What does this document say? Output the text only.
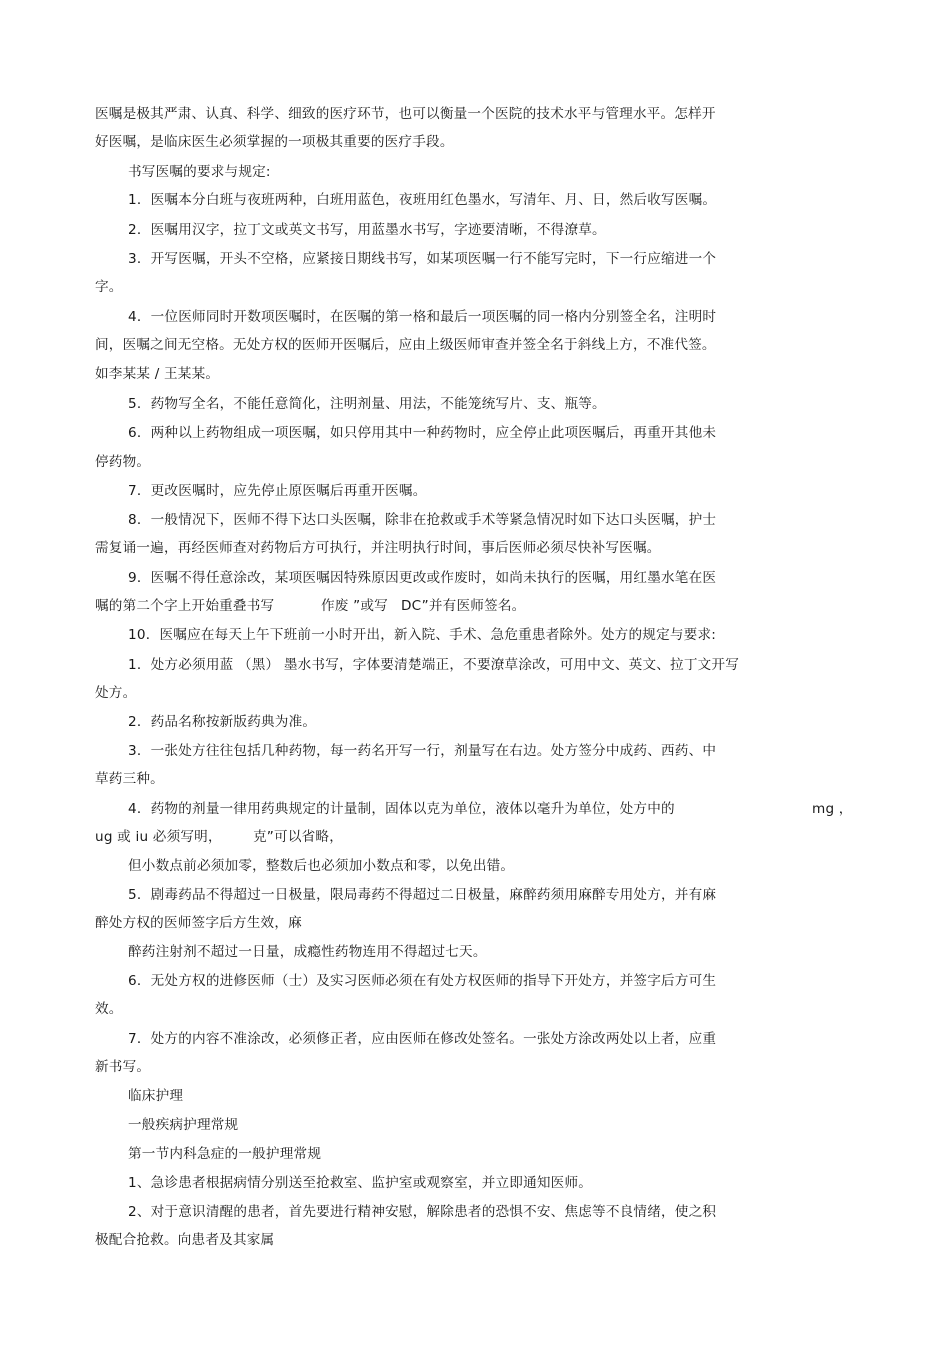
医嘱是极其严肃、认真、科学、细致的医疗环节，也可以衡量一个医院的技术水平与管理水平。怎样开
好医嘱，是临床医生必须掌握的一项极其重要的医疗手段。
书写医嘱的要求与规定:
1．医嘱本分白班与夜班两种，白班用蓝色，夜班用红色墨水，写清年、月、日，然后收写医嘱。
2．医嘱用汉字，拉丁文或英文书写，用蓝墨水书写，字迹要清晰，不得潦草。
3．开写医嘱，开头不空格，应紧接日期线书写，如某项医嘱一行不能写完时，下一行应缩进一个
字。
4．一位医师同时开数项医嘱时，在医嘱的第一格和最后一项医嘱的同一格内分别签全名，注明时
间，医嘱之间无空格。无处方权的医师开医嘱后，应由上级医师审查并签全名于斜线上方，不准代签。
如李某某 / 王某某。
5．药物写全名，不能任意简化，注明剂量、用法，不能笼统写片、支、瓶等。
6．两种以上药物组成一项医嘱，如只停用其中一种药物时，应全停止此项医嘱后，再重开其他未
停药物。
7．更改医嘱时，应先停止原医嘱后再重开医嘱。
8．一般情况下，医师不得下达口头医嘱，除非在抢救或手术等紧急情况时如下达口头医嘱，护士
需复诵一遍，再经医师查对药物后方可执行，并注明执行时间，事后医师必须尽快补写医嘱。
9．医嘱不得任意涂改，某项医嘱因特殊原因更改或作废时，如尚未执行的医嘱，用红墨水笔在医
嘱的第二个字上开始重叠书写	作废 ”或写 DC”并有医师签名。
10．医嘱应在每天上午下班前一小时开出，新入院、手术、急危重患者除外。处方的规定与要求:
1．处方必须用蓝 （黑） 墨水书写，字体要清楚端正，不要潦草涂改，可用中文、英文、拉丁文开写
处方。
2．药品名称按新版药典为准。
3．一张处方往往包括几种药物，每一药名开写一行，剂量写在右边。处方签分中成药、西药、中
草药三种。
4．药物的剂量一律用药典规定的计量制，固体以克为单位，液体以毫升为单位，处方中的	mg ，
ug 或 iu 必须写明， 克”可以省略，
但小数点前必须加零，整数后也必须加小数点和零，以免出错。
5．剧毒药品不得超过一日极量，限局毒药不得超过二日极量，麻醉药须用麻醉专用处方，并有麻
醉处方权的医师签字后方生效，麻
醉药注射剂不超过一日量，成瘾性药物连用不得超过七天。
6．无处方权的进修医师（士）及实习医师必须在有处方权医师的指导下开处方，并签字后方可生
效。
7．处方的内容不准涂改，必须修正者，应由医师在修改处签名。一张处方涂改两处以上者，应重
新书写。
临床护理
一般疾病护理常规
第一节内科急症的一般护理常规
1、急诊患者根据病情分别送至抢救室、监护室或观察室，并立即通知医师。
2、对于意识清醒的患者，首先要进行精神安慰，解除患者的恐惧不安、焦虑等不良情绪，使之积
极配合抢救。向患者及其家属
